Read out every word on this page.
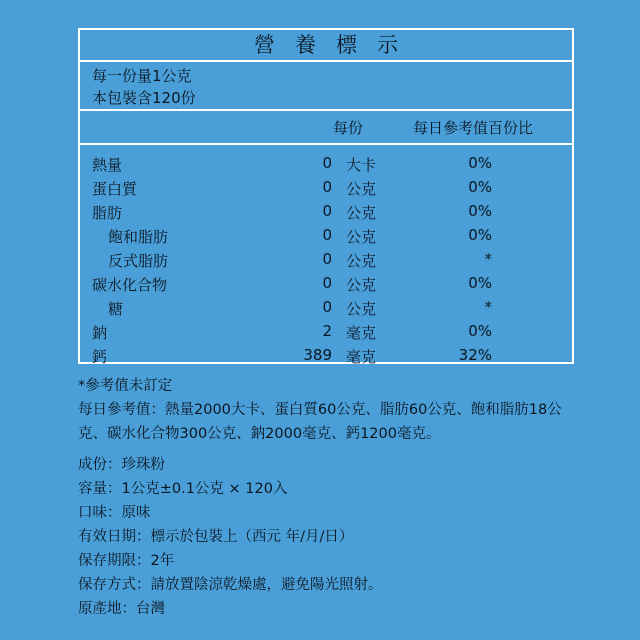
營養標示
每一份量1公克
本包裝含120份
每份	每日參考值百份比
熱量	0 大卡	0%
蛋白質	0 公克	0%
脂肪	0 公克	0%
飽和脂肪	0 公克	0%
反式脂肪	0 公克	*
碳水化合物	0 公克	0%
糖	0 公克	*
鈉	2 毫克	0%
鈣	389 毫克	32%

*參考值未訂定

每日參考值：熱量2000大卡、蛋白質60公克、脂肪60公克、飽和脂肪18公克、碳水化合物300公克、鈉2000毫克、鈣1200毫克。

成份：珍珠粉
容量：1公克±0.1公克 × 120入
口味：原味
有效日期：標示於包裝上（西元 年/月/日）
保存期限：2年
保存方式：請放置陰涼乾燥處，避免陽光照射。
原產地：台灣
